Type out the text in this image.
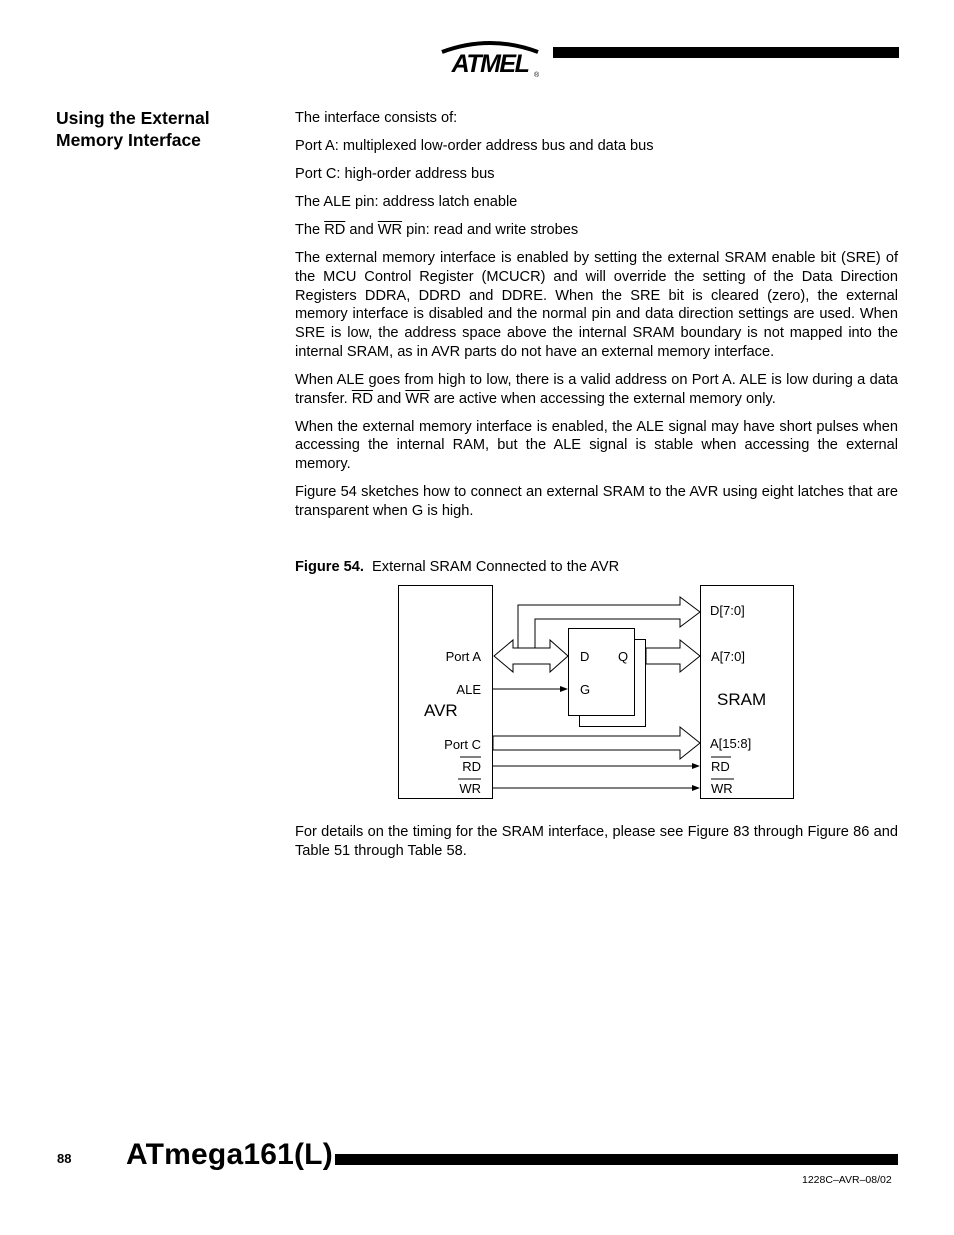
ATMEL ®
Using the External Memory Interface

The interface consists of:

Port A: multiplexed low-order address bus and data bus

Port C: high-order address bus

The ALE pin: address latch enable

The $\overline{RD}$ and $\overline{WR}$ pin: read and write strobes

The external memory interface is enabled by setting the external SRAM enable bit (SRE) of the MCU Control Register (MCUCR) and will override the setting of the Data Direction Registers DDRA, DDRD and DDRE. When the SRE bit is cleared (zero), the external memory interface is disabled and the normal pin and data direction settings are used. When SRE is low, the address space above the internal SRAM boundary is not mapped into the internal SRAM, as in AVR parts do not have an external memory interface.

When ALE goes from high to low, there is a valid address on Port A. ALE is low during a data transfer. $\overline{RD}$ and $\overline{WR}$ are active when accessing the external memory only.

When the external memory interface is enabled, the ALE signal may have short pulses when accessing the internal RAM, but the ALE signal is stable when accessing the external memory.

Figure 54 sketches how to connect an external SRAM to the AVR using eight latches that are transparent when G is high.

Figure 54. External SRAM Connected to the AVR
Port A
ALE
AVR
Port C
RD
WR
D Q
G
D[7:0]
A[7:0]
SRAM
A[15:8]
RD
WR
For details on the timing for the SRAM interface, please see Figure 83 through Figure 86 and Table 51 through Table 58.
88 ATmega161(L)
1228C–AVR–08/02
